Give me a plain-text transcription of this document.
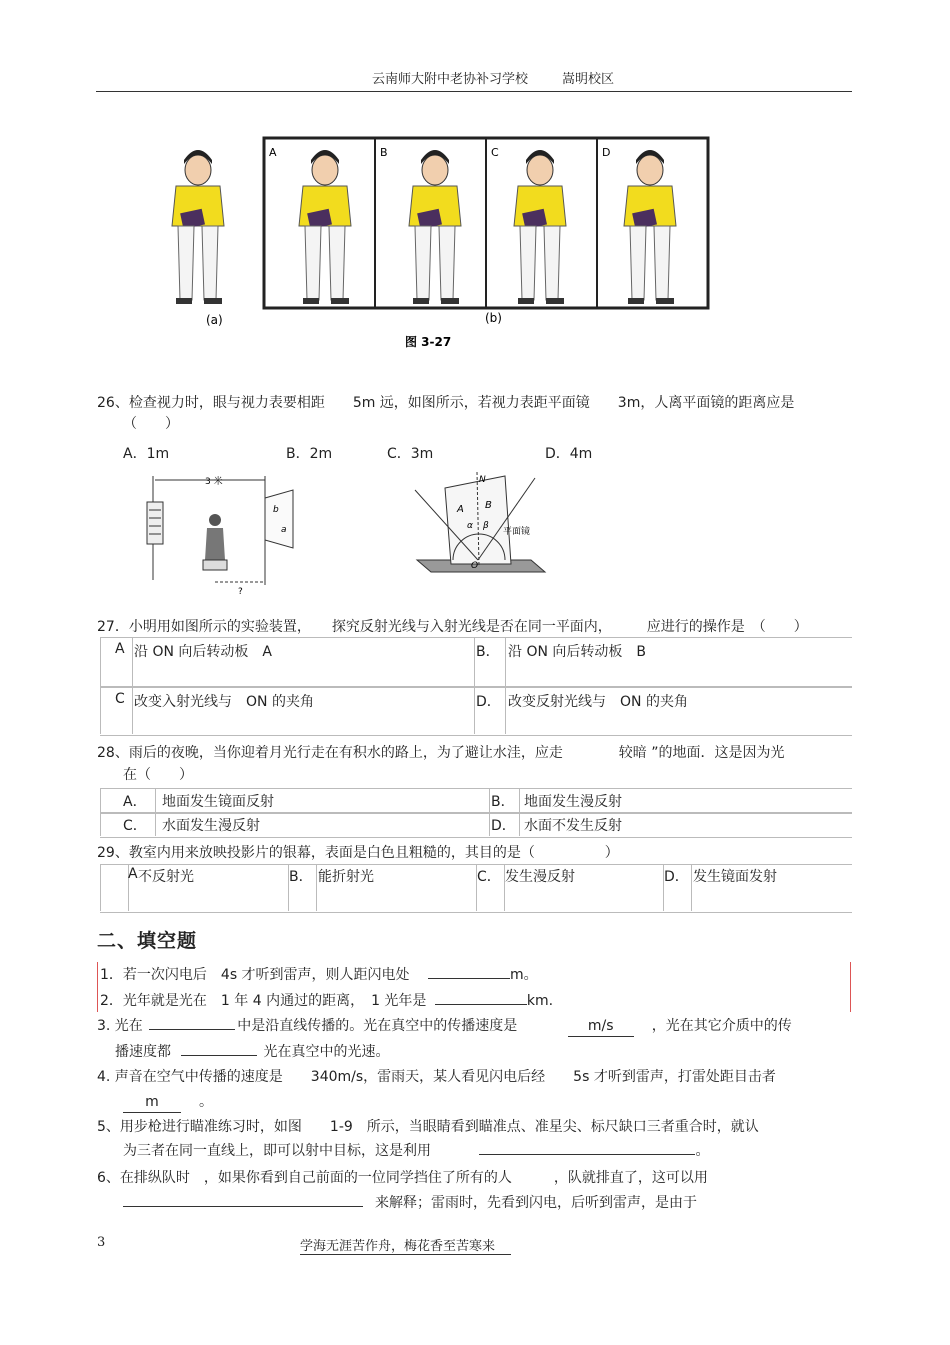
云南师大附中老协补习学校	嵩明校区
A	B	C	D
(a)	(b)
图 3-27
26、检查视力时，眼与视力表要相距　　5m 远，如图所示，若视力表距平面镜　　3m，人离平面镜的距离应是
（　　）
A．1m	B．2m	C．3m	D．4m
3 米
b
a
?
N
A B
α β
O
平面镜
27．小明用如图所示的实验装置，　　探究反射光线与入射光线是否在同一平面内，　　　应进行的操作是　（　　）
A 沿 ON 向后转动板　A	B． 沿 ON 向后转动板　B
C 改变入射光线与　ON 的夹角	D． 改变反射光线与　ON 的夹角
28、雨后的夜晚，当你迎着月光行走在有积水的路上，为了避让水洼，应走　　　　较暗 ”的地面．这是因为光
在（　　）
A． 地面发生镜面反射	B． 地面发生漫反射
C． 水面发生漫反射	D． 水面不发生反射
29、教室内用来放映投影片的银幕，表面是白色且粗糙的，其目的是（　　　　　）
A 不反射光	B． 能折射光	C． 发生漫反射	D． 发生镜面发射
二、填空题
1．若一次闪电后　4s 才听到雷声，则人距闪电处	m。
2．光年就是光在　1 年 4 内通过的距离，　1 光年是	km.
3. 光在	中是沿直线传播的。光在真空中的传播速度是	m/s	，光在其它介质中的传
播速度都	光在真空中的光速。
4. 声音在空气中传播的速度是　　340m/s，雷雨天，某人看见闪电后经　　5s 才听到雷声，打雷处距目击者
m	。
5、用步枪进行瞄准练习时，如图　　1-9　所示，当眼睛看到瞄准点、准星尖、标尺缺口三者重合时，就认
为三者在同一直线上，即可以射中目标，这是利用	。
6、在排纵队时　，如果你看到自己前面的一位同学挡住了所有的人　　　，队就排直了，这可以用
来解释；雷雨时，先看到闪电，后听到雷声，是由于
3	学海无涯苦作舟，梅花香至苦寒来
